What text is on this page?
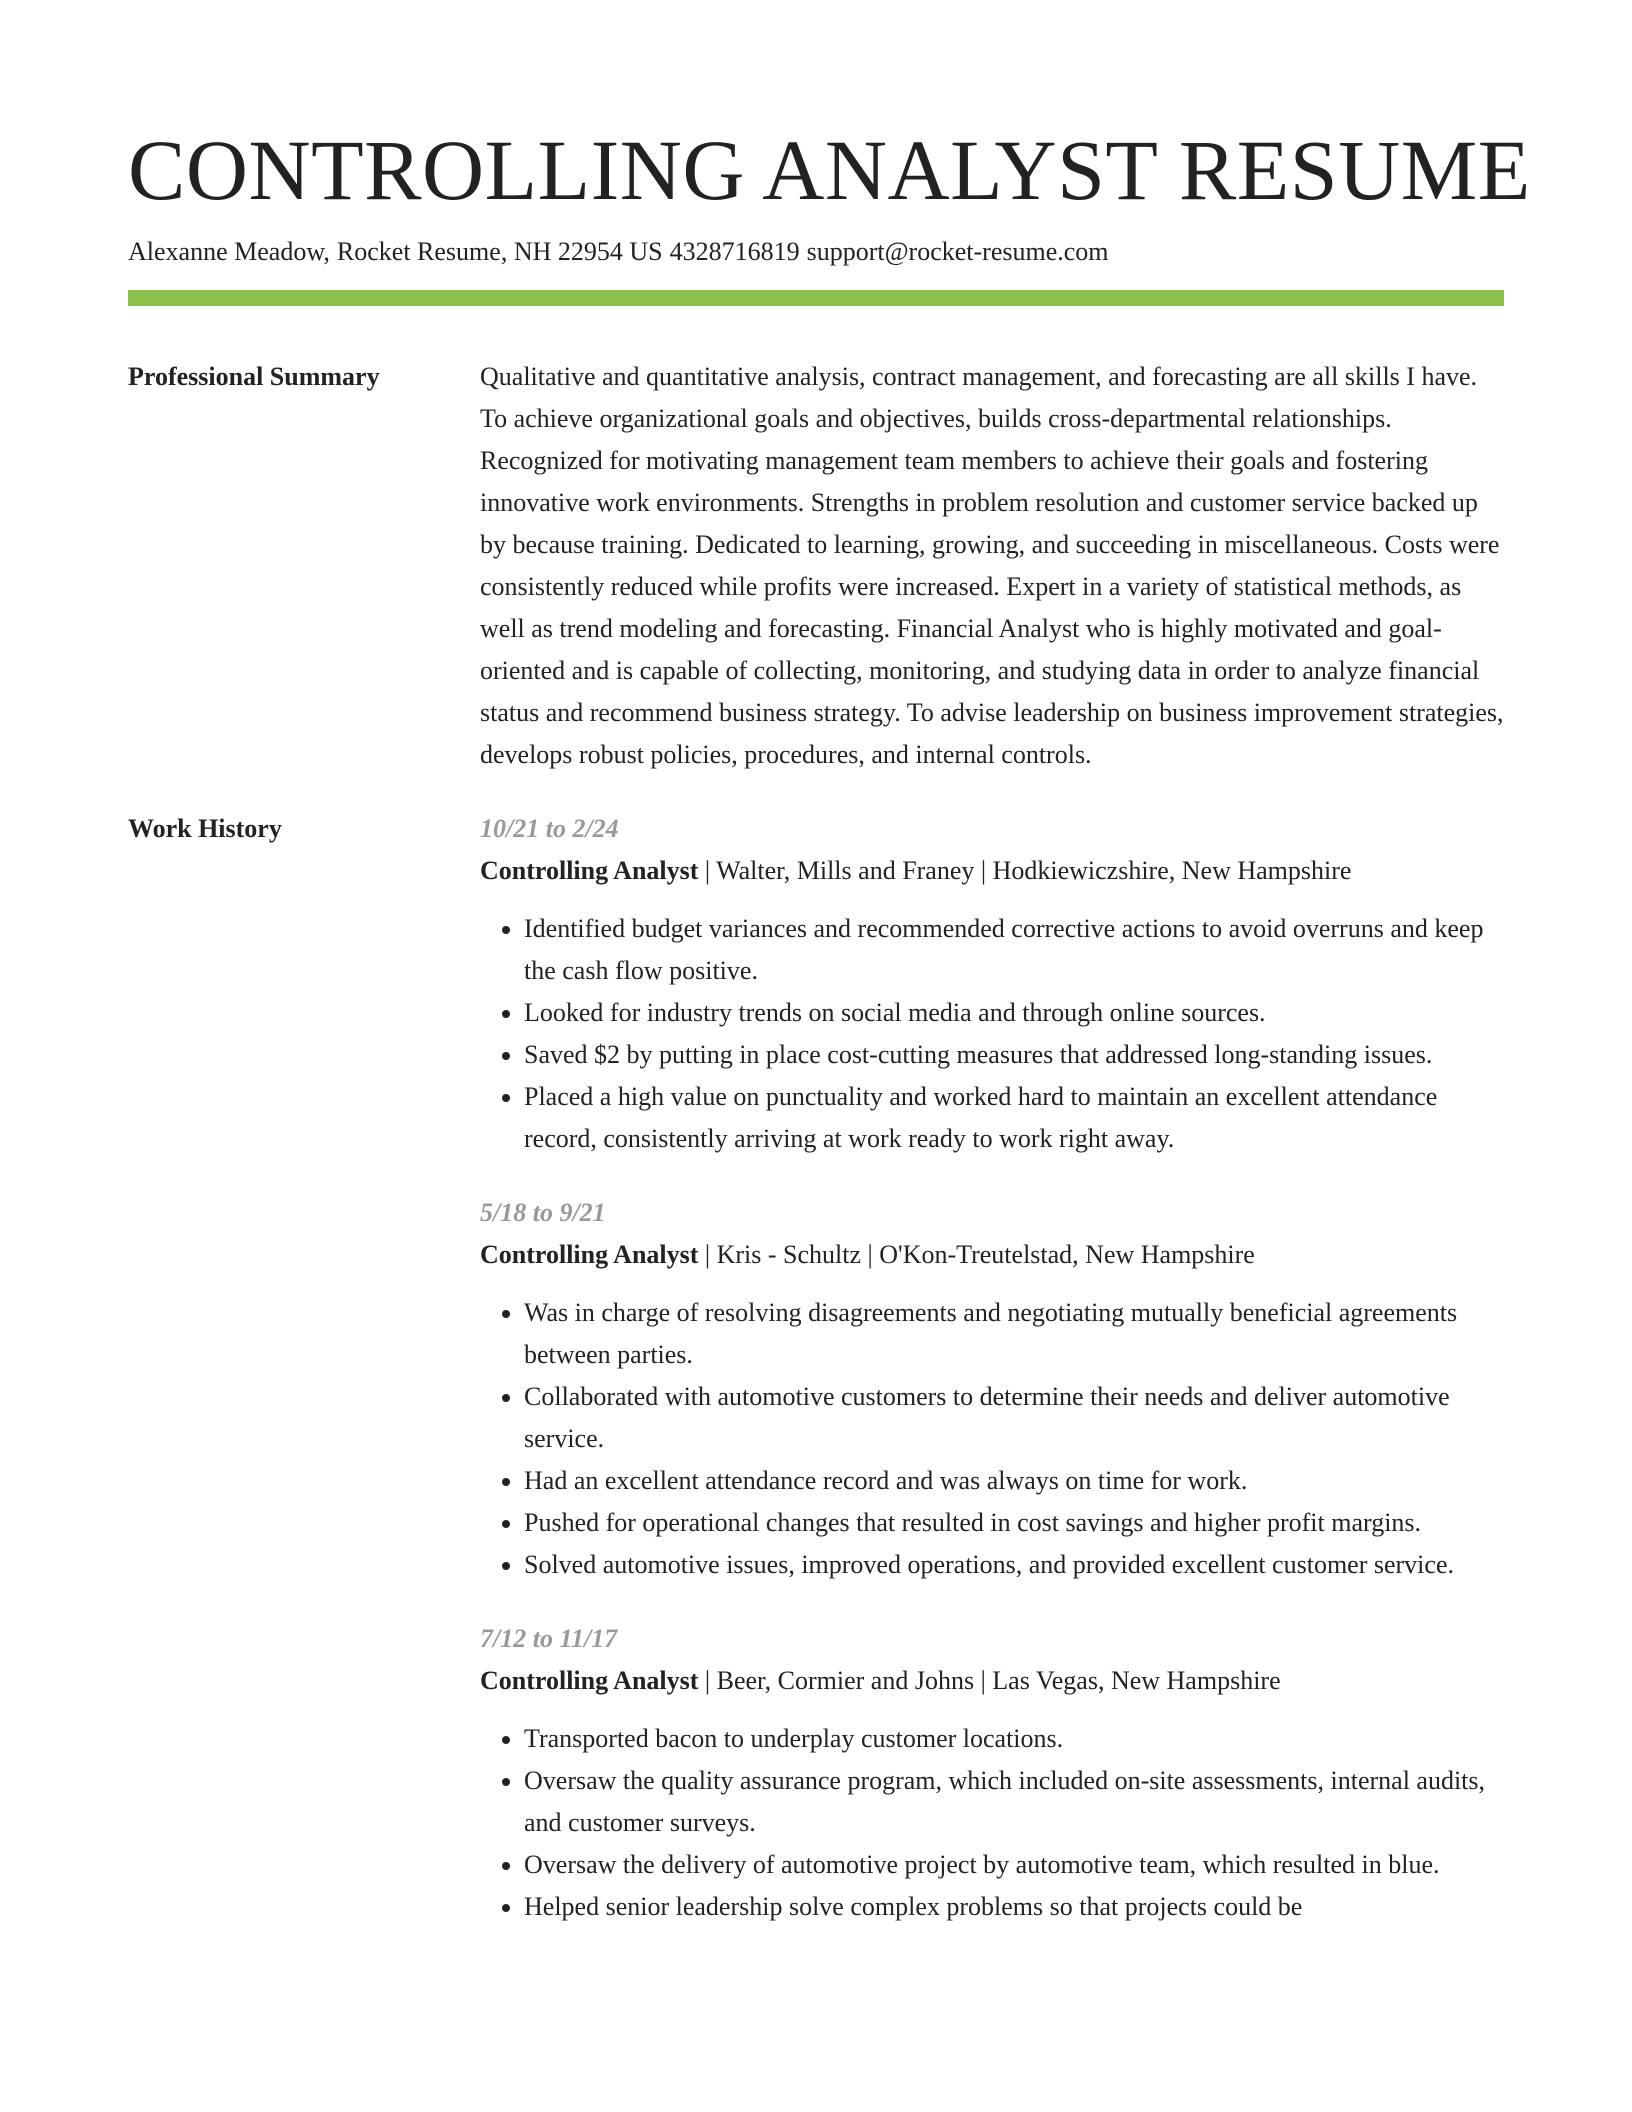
CONTROLLING ANALYST RESUME
Alexanne Meadow, Rocket Resume, NH 22954 US 4328716819 support@rocket-resume.com
Professional Summary	Qualitative and quantitative analysis, contract management, and forecasting are all skills I have. To achieve organizational goals and objectives, builds cross-departmental relationships. Recognized for motivating management team members to achieve their goals and fostering innovative work environments. Strengths in problem resolution and customer service backed up by because training. Dedicated to learning, growing, and succeeding in miscellaneous. Costs were consistently reduced while profits were increased. Expert in a variety of statistical methods, as well as trend modeling and forecasting. Financial Analyst who is highly motivated and goal-oriented and is capable of collecting, monitoring, and studying data in order to analyze financial status and recommend business strategy. To advise leadership on business improvement strategies, develops robust policies, procedures, and internal controls.

Work History	10/21 to 2/24
Controlling Analyst | Walter, Mills and Franey | Hodkiewiczshire, New Hampshire
• Identified budget variances and recommended corrective actions to avoid overruns and keep the cash flow positive.
• Looked for industry trends on social media and through online sources.
• Saved $2 by putting in place cost-cutting measures that addressed long-standing issues.
• Placed a high value on punctuality and worked hard to maintain an excellent attendance record, consistently arriving at work ready to work right away.
5/18 to 9/21
Controlling Analyst | Kris - Schultz | O'Kon-Treutelstad, New Hampshire
• Was in charge of resolving disagreements and negotiating mutually beneficial agreements between parties.
• Collaborated with automotive customers to determine their needs and deliver automotive service.
• Had an excellent attendance record and was always on time for work.
• Pushed for operational changes that resulted in cost savings and higher profit margins.
• Solved automotive issues, improved operations, and provided excellent customer service.
7/12 to 11/17
Controlling Analyst | Beer, Cormier and Johns | Las Vegas, New Hampshire
• Transported bacon to underplay customer locations.
• Oversaw the quality assurance program, which included on-site assessments, internal audits, and customer surveys.
• Oversaw the delivery of automotive project by automotive team, which resulted in blue.
• Helped senior leadership solve complex problems so that projects could be
